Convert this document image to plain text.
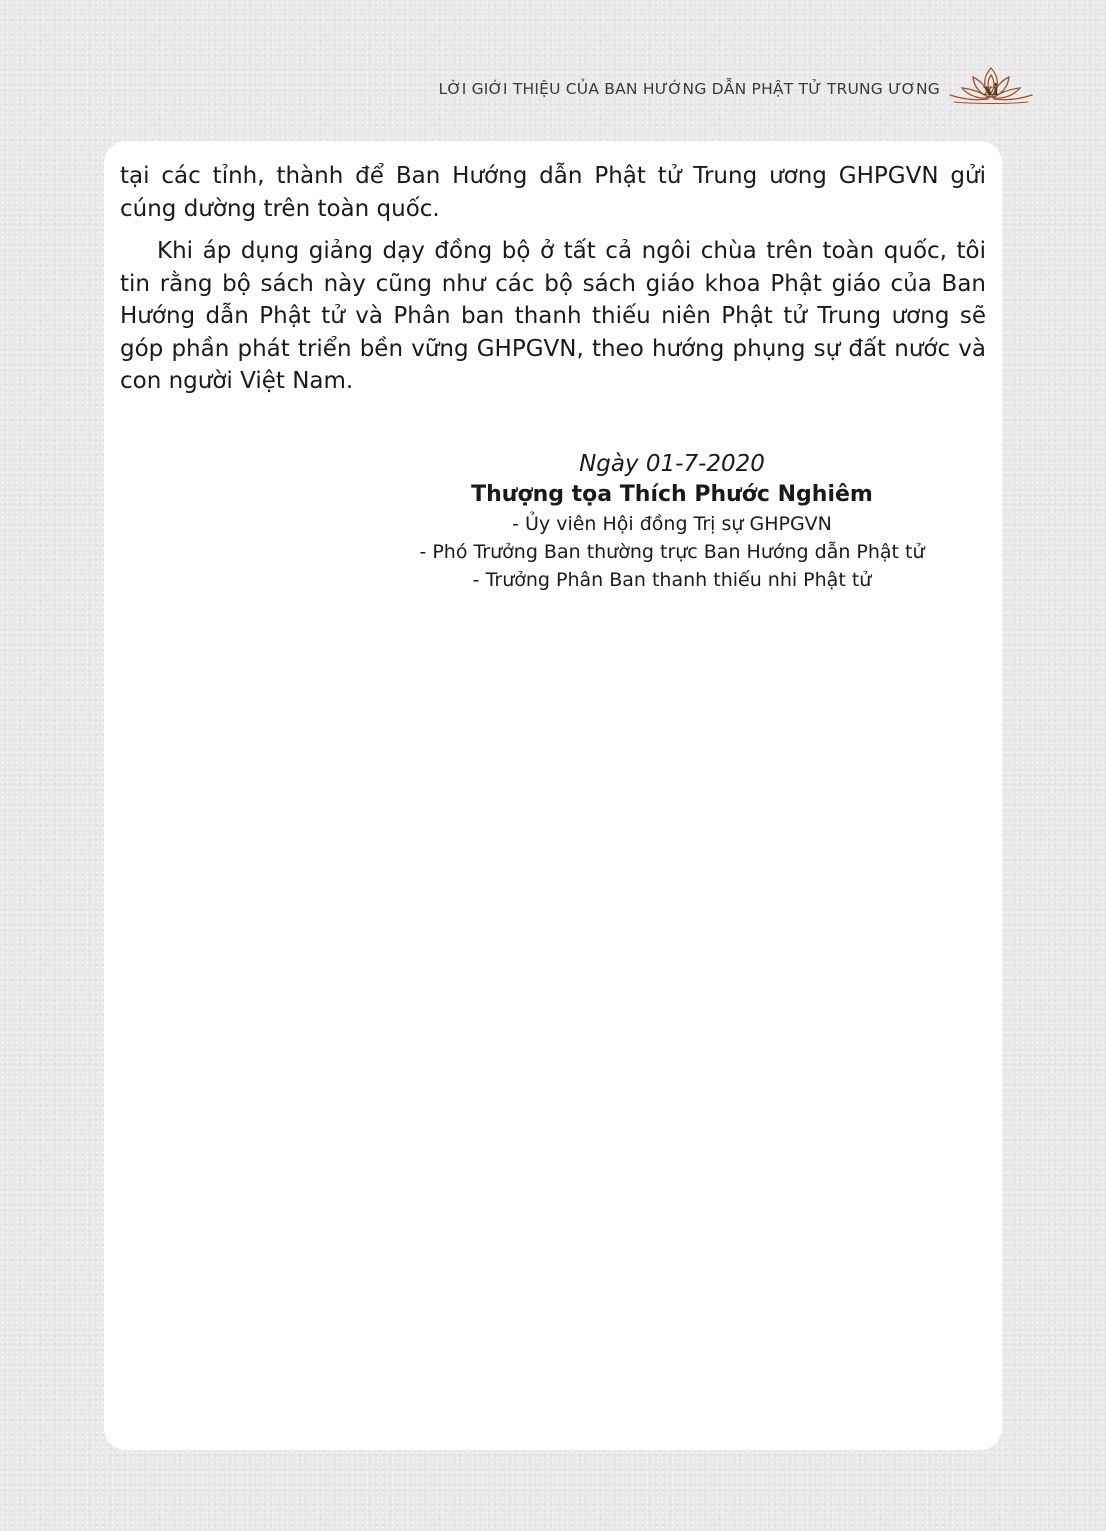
LỜI GIỚI THIỆU CỦA BAN HƯỚNG DẪN PHẬT TỬ TRUNG ƯƠNG	xi

tại các tỉnh, thành để Ban Hướng dẫn Phật tử Trung ương GHPGVN gửi cúng dường trên toàn quốc.

Khi áp dụng giảng dạy đồng bộ ở tất cả ngôi chùa trên toàn quốc, tôi tin rằng bộ sách này cũng như các bộ sách giáo khoa Phật giáo của Ban Hướng dẫn Phật tử và Phân ban thanh thiếu niên Phật tử Trung ương sẽ góp phần phát triển bền vững GHPGVN, theo hướng phụng sự đất nước và con người Việt Nam.

Ngày 01-7-2020
Thượng tọa Thích Phước Nghiêm
- Ủy viên Hội đồng Trị sự GHPGVN
- Phó Trưởng Ban thường trực Ban Hướng dẫn Phật tử
- Trưởng Phân Ban thanh thiếu nhi Phật tử
